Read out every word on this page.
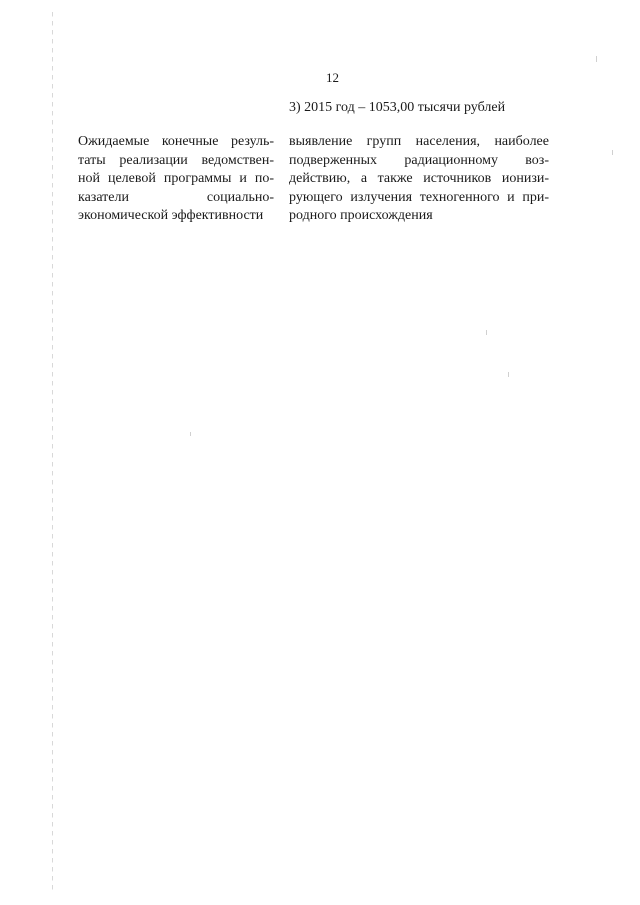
12
3) 2015 год – 1053,00 тысячи рублей
Ожидаемые конечные резуль-
таты реализации ведомствен-
ной целевой программы и по-
казатели социально-
экономической эффективности
выявление групп населения, наиболее
подверженных радиационному воз-
действию, а также источников ионизи-
рующего излучения техногенного и при-
родного происхождения
